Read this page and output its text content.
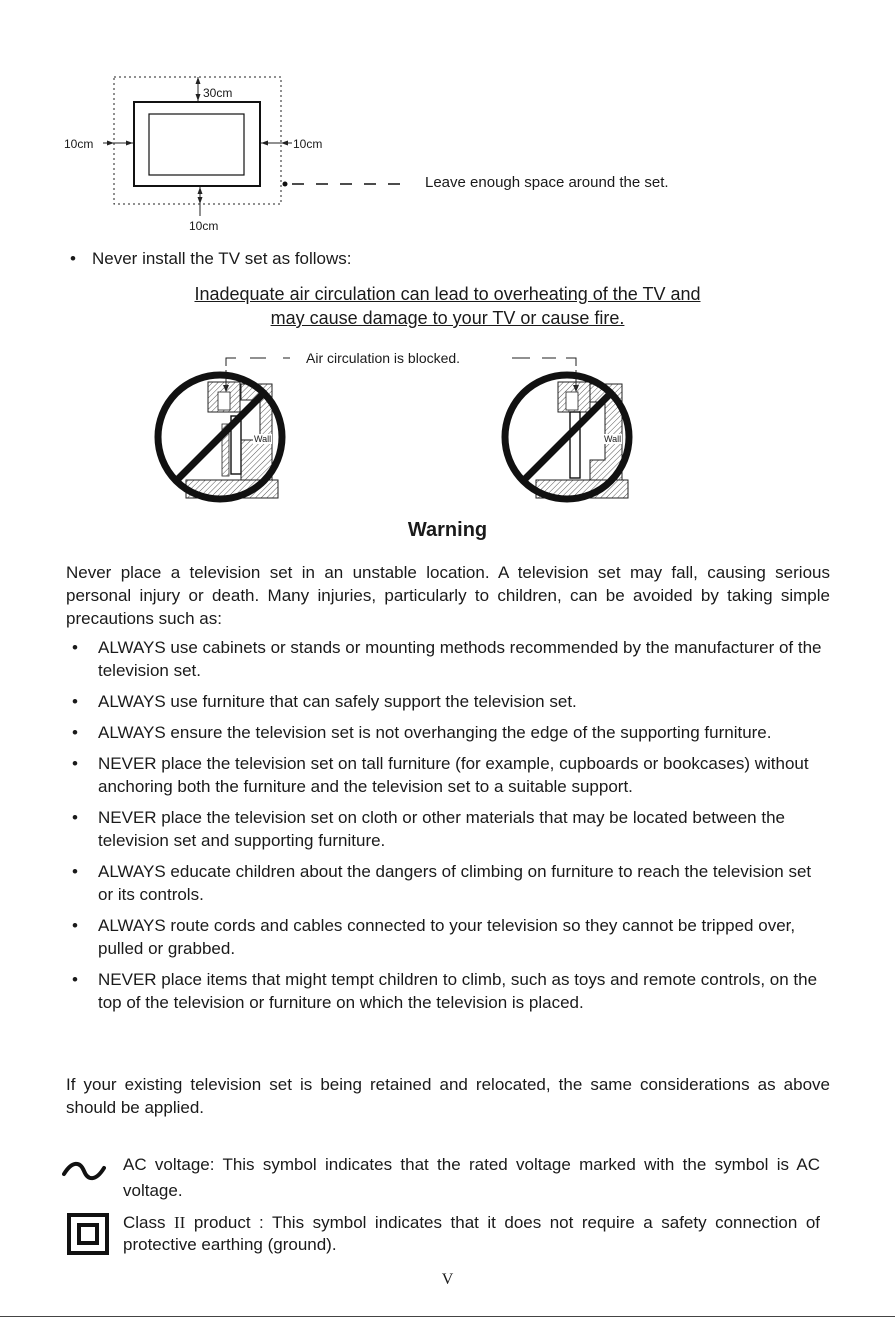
30cm
10cm	10cm
10cm
Leave enough space around the set.
• Never install the TV set as follows:
Inadequate air circulation can lead to overheating of the TV and
may cause damage to your TV or cause fire.
Air circulation is blocked.
Wall	Wall
Warning
Never place a television set in an unstable location. A television set may fall, causing serious personal injury or death. Many injuries, particularly to children, can be avoided by taking simple precautions such as:
• ALWAYS use cabinets or stands or mounting methods recommended by the manufacturer of the television set.
• ALWAYS use furniture that can safely support the television set.
• ALWAYS ensure the television set is not overhanging the edge of the supporting furniture.
• NEVER place the television set on tall furniture (for example, cupboards or bookcases) without anchoring both the furniture and the television set to a suitable support.
• NEVER place the television set on cloth or other materials that may be located between the television set and supporting furniture.
• ALWAYS educate children about the dangers of climbing on furniture to reach the television set or its controls.
• ALWAYS route cords and cables connected to your television so they cannot be tripped over, pulled or grabbed.
• NEVER place items that might tempt children to climb, such as toys and remote controls, on the top of the television or furniture on which the television is placed.
If your existing television set is being retained and relocated, the same considerations as above should be applied.
AC voltage: This symbol indicates that the rated voltage marked with the symbol is AC voltage.
Class II product : This symbol indicates that it does not require a safety connection of protective earthing (ground).
V
